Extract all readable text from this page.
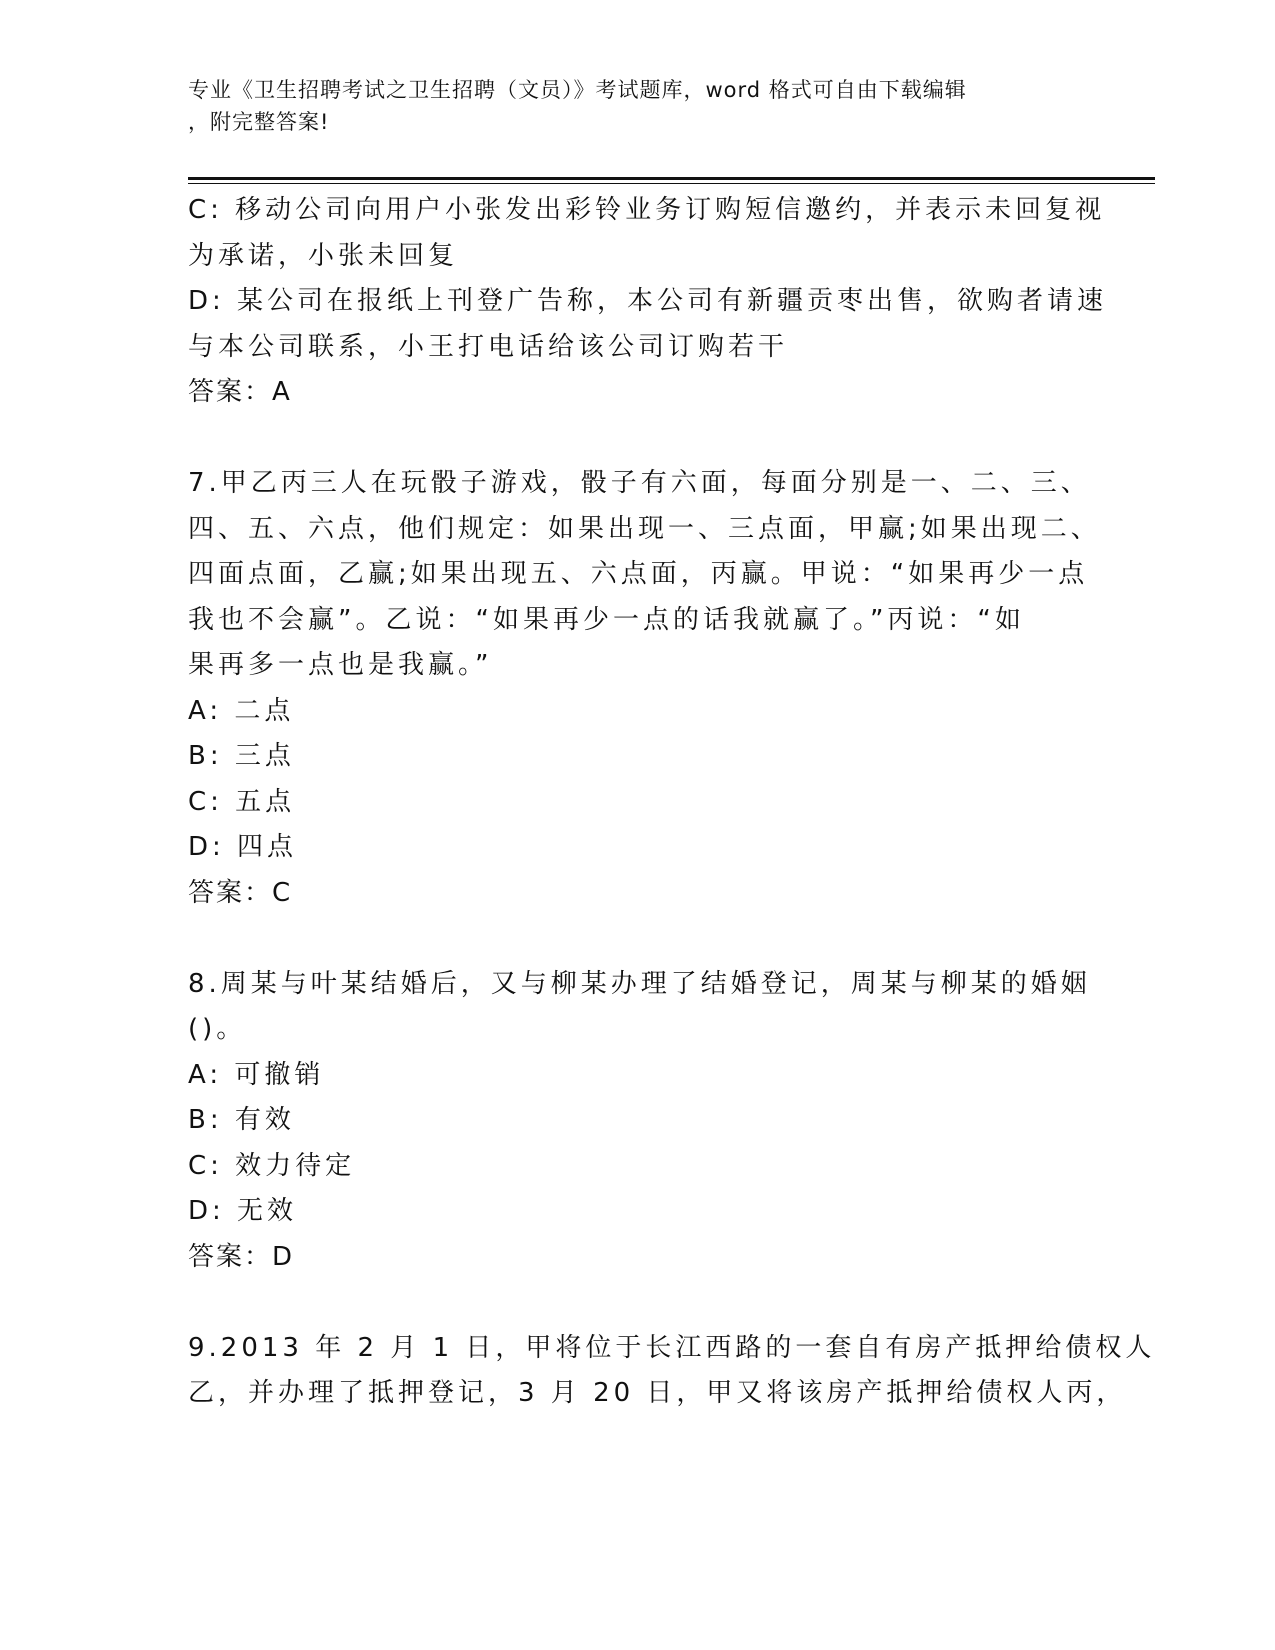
专业《卫生招聘考试之卫生招聘（文员）》考试题库，word 格式可自由下载编辑
，附完整答案!
C: 移动公司向用户小张发出彩铃业务订购短信邀约，并表示未回复视
为承诺，小张未回复
D: 某公司在报纸上刊登广告称，本公司有新疆贡枣出售，欲购者请速
与本公司联系，小王打电话给该公司订购若干
答案：A
7.甲乙丙三人在玩骰子游戏，骰子有六面，每面分别是一、二、三、
四、五、六点，他们规定：如果出现一、三点面，甲赢;如果出现二、
四面点面，乙赢;如果出现五、六点面，丙赢。甲说：“如果再少一点
我也不会赢”。乙说：“如果再少一点的话我就赢了。”丙说：“如
果再多一点也是我赢。”
A: 二点
B: 三点
C: 五点
D: 四点
答案：C
8.周某与叶某结婚后，又与柳某办理了结婚登记，周某与柳某的婚姻
()。
A: 可撤销
B: 有效
C: 效力待定
D: 无效
答案：D
9.2013 年 2 月 1 日，甲将位于长江西路的一套自有房产抵押给债权人
乙，并办理了抵押登记，3 月 20 日，甲又将该房产抵押给债权人丙，
